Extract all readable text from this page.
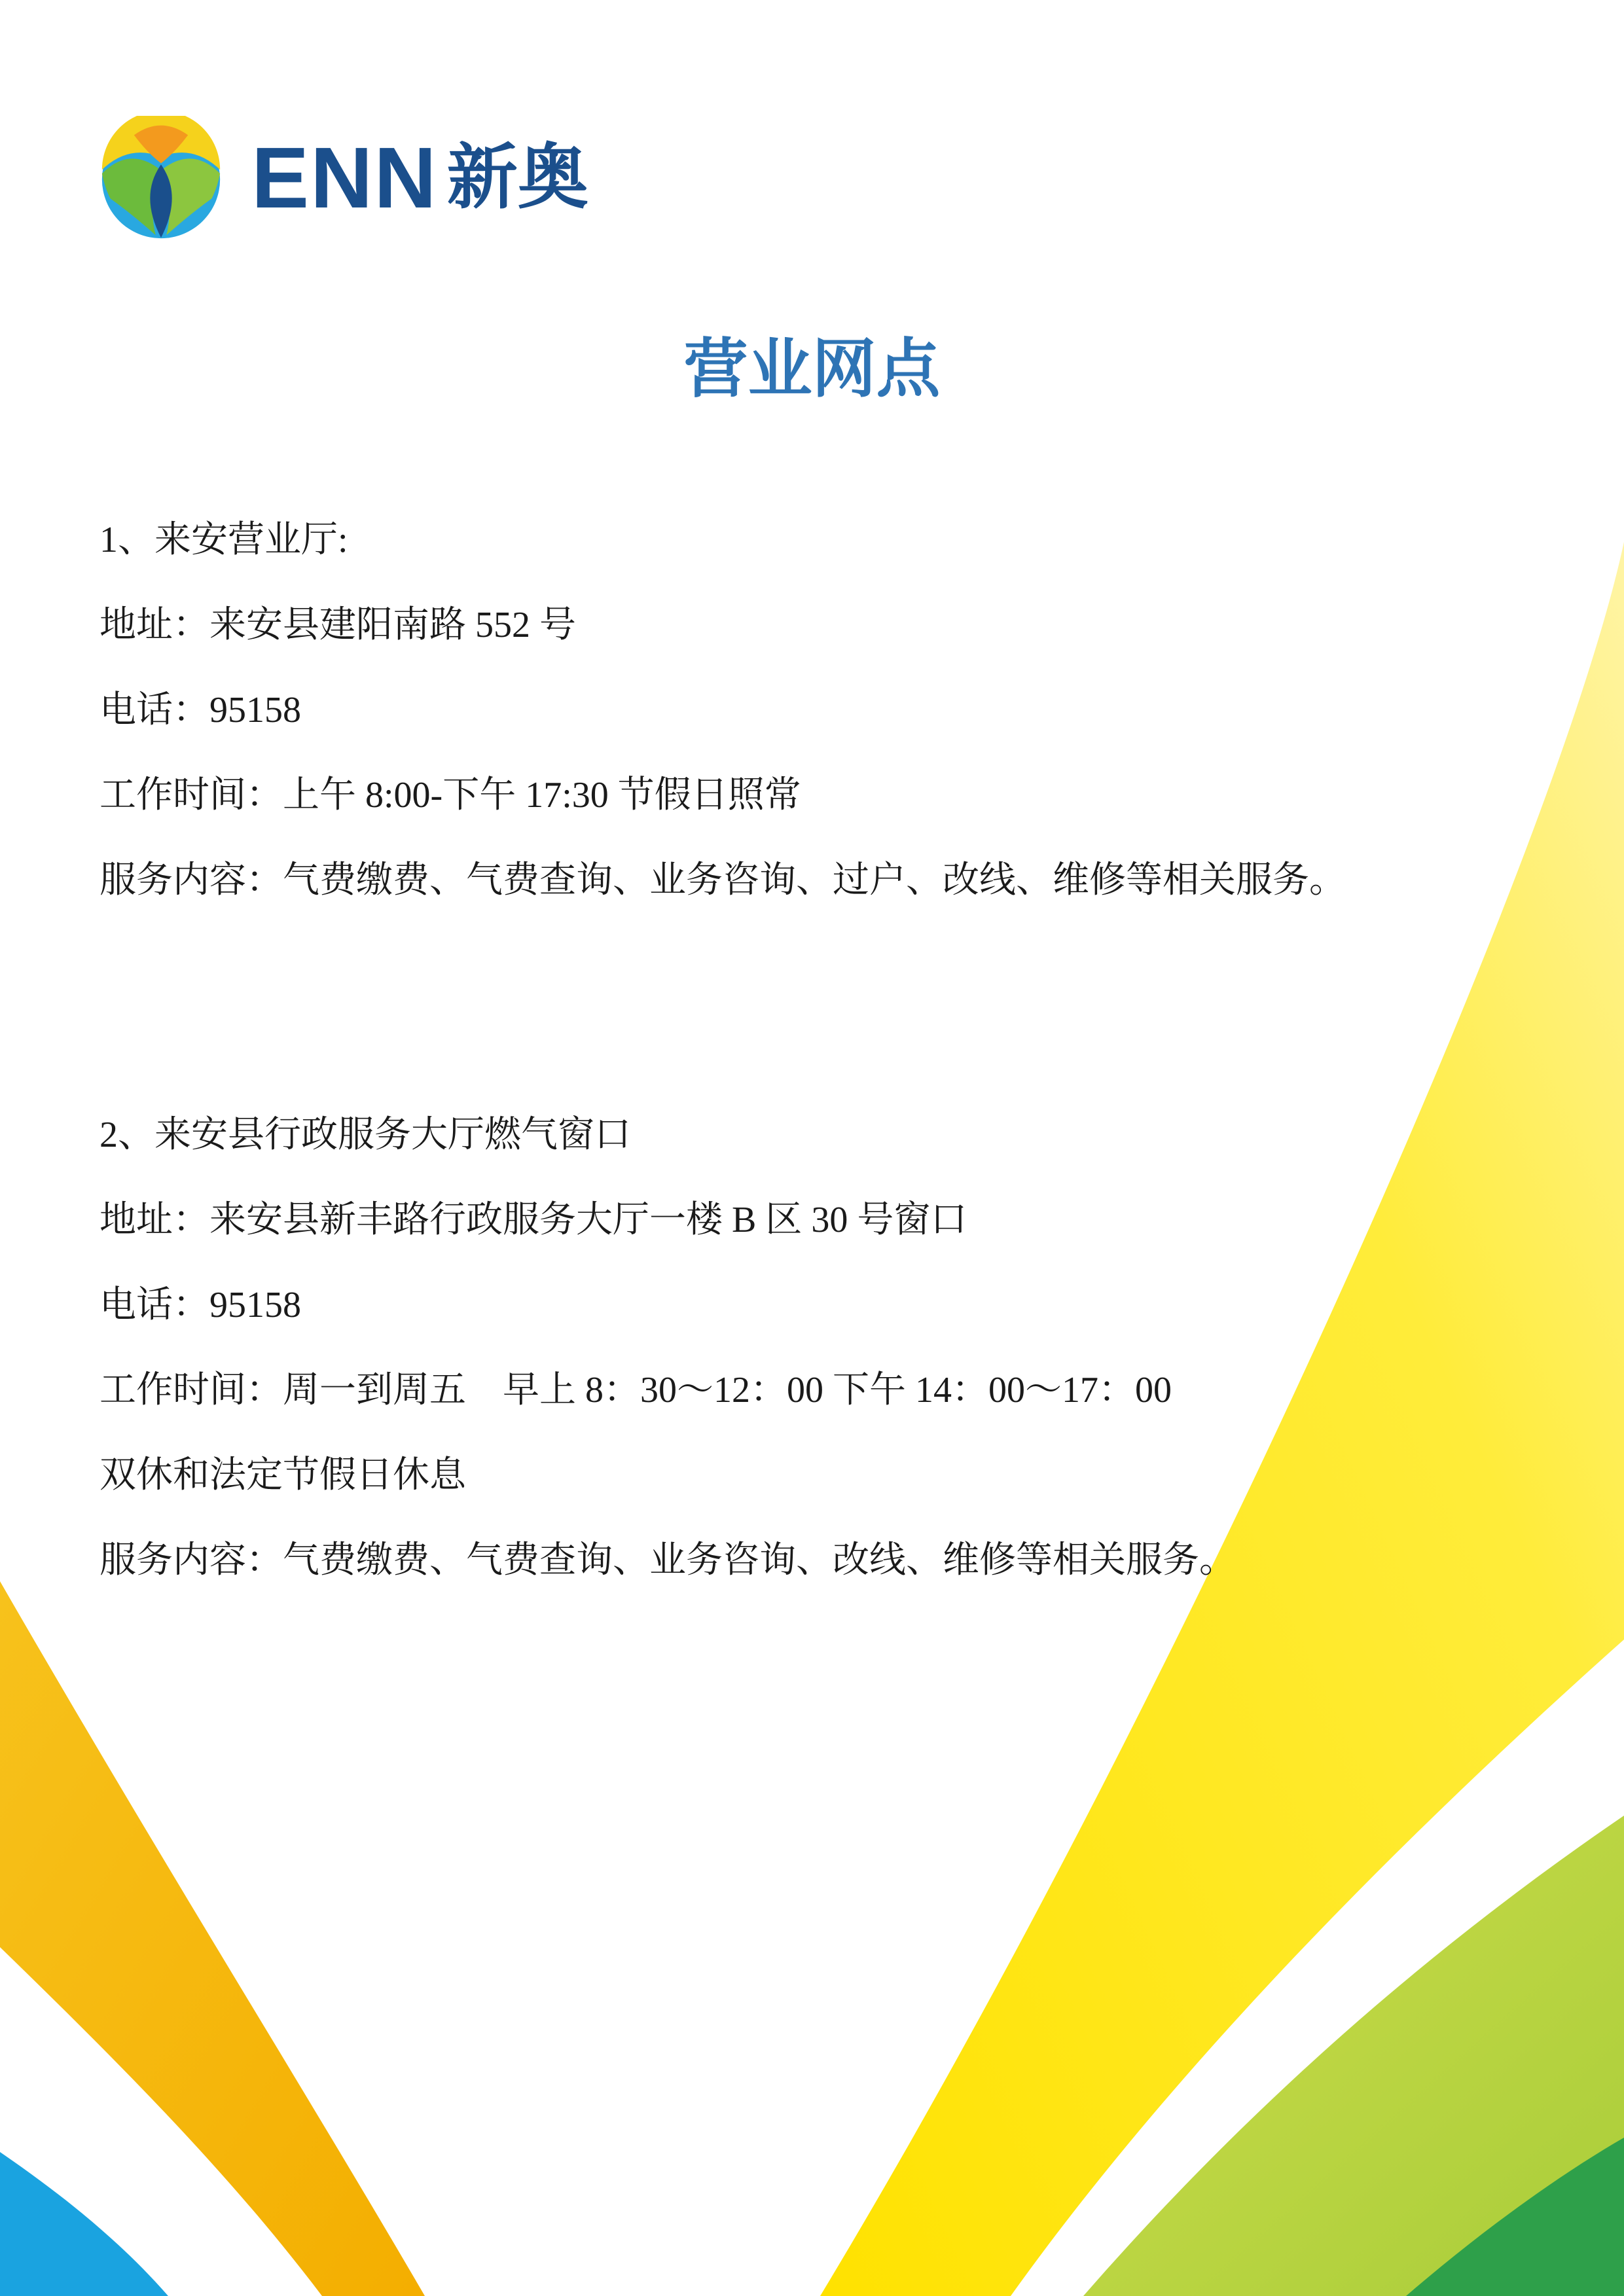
ENN 新奥
营业网点
1、来安营业厅:
地址：来安县建阳南路 552 号
电话：95158
工作时间：上午 8:00-下午 17:30 节假日照常
服务内容：气费缴费、气费查询、业务咨询、过户、改线、维修等相关服务。
2、来安县行政服务大厅燃气窗口
地址：来安县新丰路行政服务大厅一楼 B 区 30 号窗口
电话：95158
工作时间：周一到周五    早上 8：30～12：00 下午 14：00～17：00
双休和法定节假日休息
服务内容：气费缴费、气费查询、业务咨询、改线、维修等相关服务。
